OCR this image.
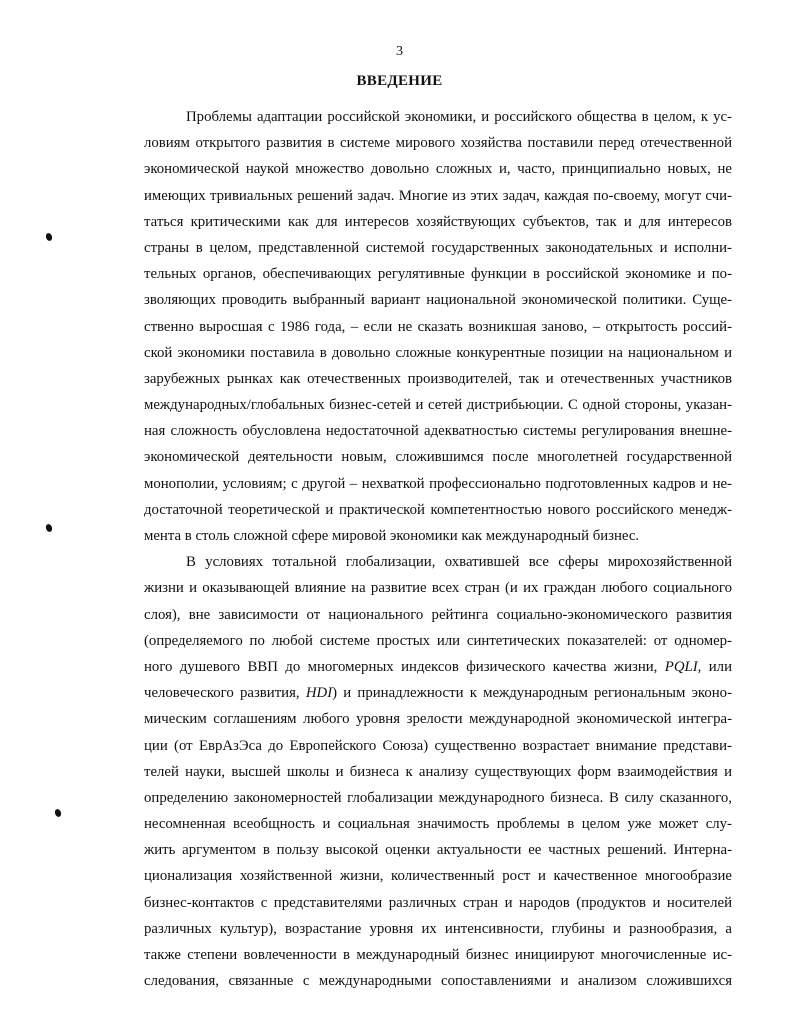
3
ВВЕДЕНИЕ
Проблемы адаптации российской экономики, и российского общества в целом, к ус-
ловиям открытого развития в системе мирового хозяйства поставили перед отечественной
экономической наукой множество довольно сложных и, часто, принципиально новых, не
имеющих тривиальных решений задач. Многие из этих задач, каждая по-своему, могут счи-
таться критическими как для интересов хозяйствующих субъектов, так и для интересов
страны в целом, представленной системой государственных законодательных и исполни-
тельных органов, обеспечивающих регулятивные функции в российской экономике и по-
зволяющих проводить выбранный вариант национальной экономической политики. Суще-
ственно выросшая с 1986 года, – если не сказать возникшая заново, – открытость россий-
ской экономики поставила в довольно сложные конкурентные позиции на национальном и
зарубежных рынках как отечественных производителей, так и отечественных участников
международных/глобальных бизнес-сетей и сетей дистрибьюции. С одной стороны, указан-
ная сложность обусловлена недостаточной адекватностью системы регулирования внешне-
экономической деятельности новым, сложившимся после многолетней государственной
монополии, условиям; с другой – нехваткой профессионально подготовленных кадров и не-
достаточной теоретической и практической компетентностью нового российского менедж-
мента в столь сложной сфере мировой экономики как международный бизнес.
В условиях тотальной глобализации, охватившей все сферы мирохозяйственной
жизни и оказывающей влияние на развитие всех стран (и их граждан любого социального
слоя), вне зависимости от национального рейтинга социально-экономического развития
(определяемого по любой системе простых или синтетических показателей: от одномер-
ного душевого ВВП до многомерных индексов физического качества жизни, PQLI, или
человеческого развития, HDI) и принадлежности к международным региональным эконо-
мическим соглашениям любого уровня зрелости международной экономической интегра-
ции (от ЕврАзЭса до Европейского Союза) существенно возрастает внимание представи-
телей науки, высшей школы и бизнеса к анализу существующих форм взаимодействия и
определению закономерностей глобализации международного бизнеса. В силу сказанного,
несомненная всеобщность и социальная значимость проблемы в целом уже может слу-
жить аргументом в пользу высокой оценки актуальности ее частных решений. Интерна-
ционализация хозяйственной жизни, количественный рост и качественное многообразие
бизнес-контактов с представителями различных стран и народов (продуктов и носителей
различных культур), возрастание уровня их интенсивности, глубины и разнообразия, а
также степени вовлеченности в международный бизнес инициируют многочисленные ис-
следования, связанные с международными сопоставлениями и анализом сложившихся
